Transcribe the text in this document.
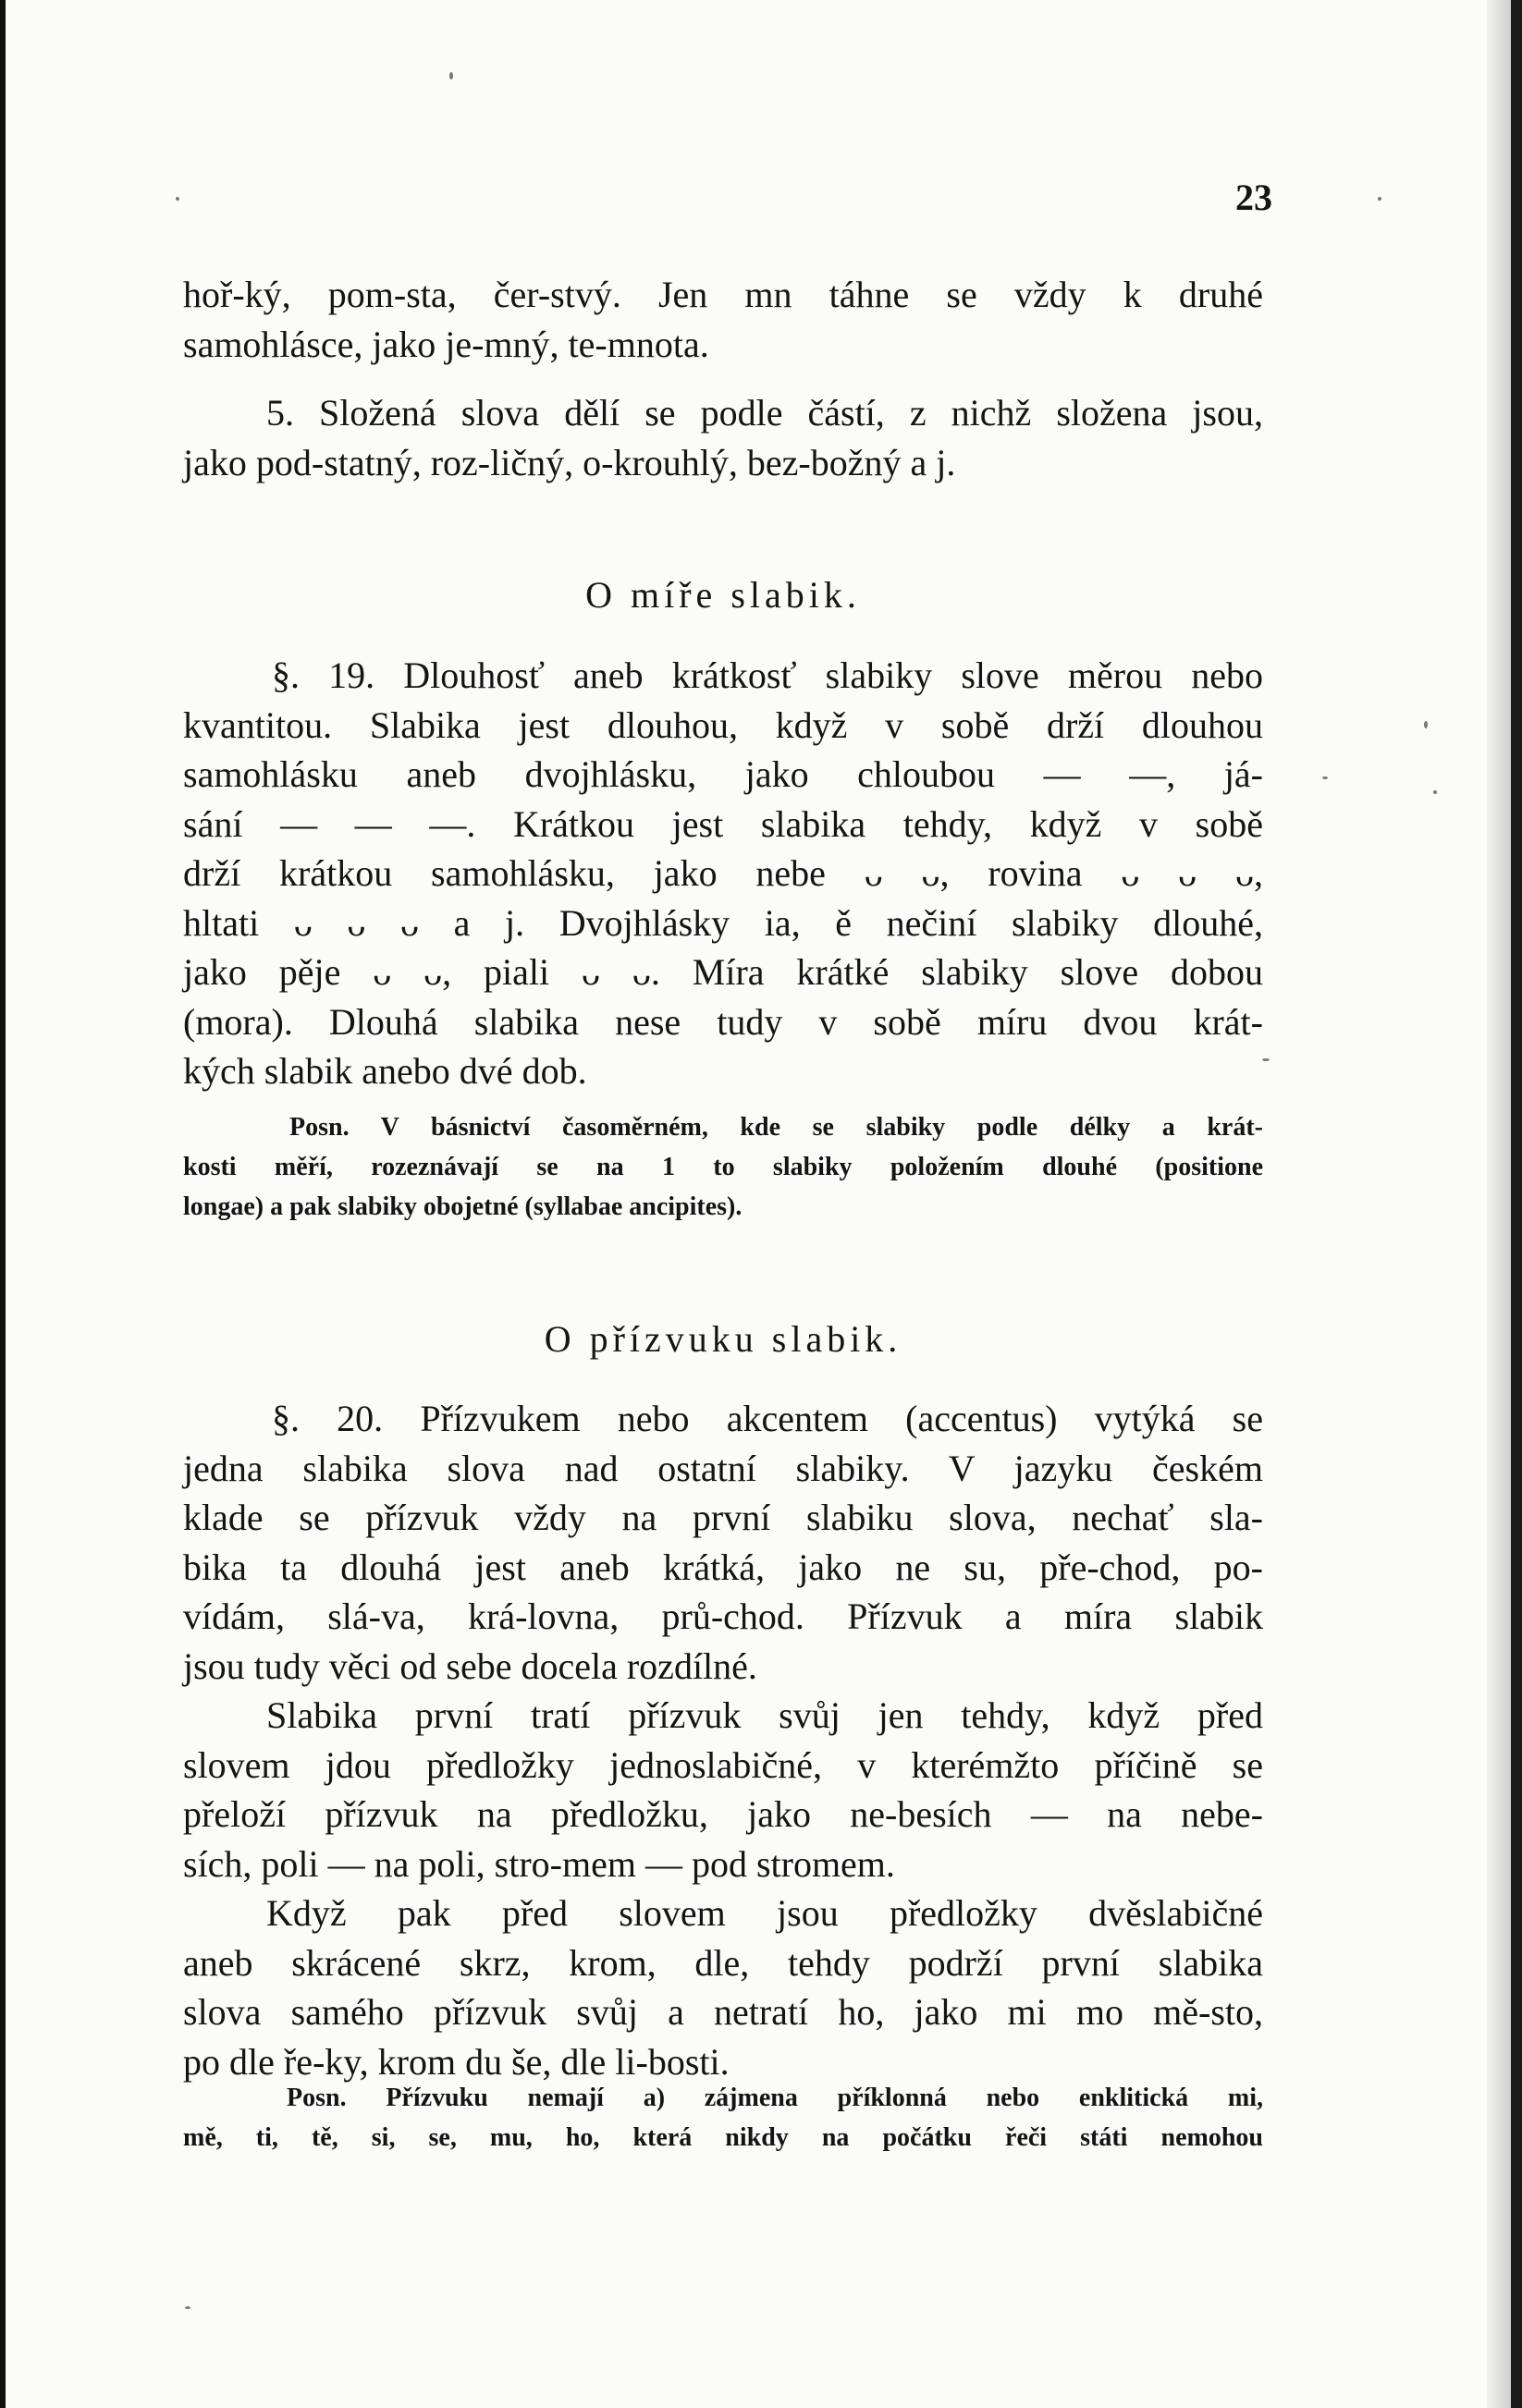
23
hoř-ký, pom-sta, čer-stvý. Jen mn táhne se vždy k druhé
samohlásce, jako je-mný, te-mnota.
5. Složená slova dělí se podle částí, z nichž složena jsou,
jako pod-statný, roz-ličný, o-krouhlý, bez-božný a j.
O míře slabik.
§. 19. Dlouhosť aneb krátkosť slabiky slove měrou nebo
kvantitou. Slabika jest dlouhou, když v sobě drží dlouhou
samohlásku aneb dvojhlásku, jako chloubou — —, já-
sání — — —. Krátkou jest slabika tehdy, když v sobě
drží krátkou samohlásku, jako nebe ᴗ ᴗ, rovina ᴗ ᴗ ᴗ,
hltati ᴗ ᴗ ᴗ a j. Dvojhlásky ia, ě nečiní slabiky dlouhé,
jako pěje ᴗ ᴗ, piali ᴗ ᴗ. Míra krátké slabiky slove dobou
(mora). Dlouhá slabika nese tudy v sobě míru dvou krát-
kých slabik anebo dvé dob.
Posn. V básnictví časoměrném, kde se slabiky podle délky a krát-
kosti měří, rozeznávají se na 1 to slabiky položením dlouhé (positione
longae) a pak slabiky obojetné (syllabae ancipites).
O přízvuku slabik.
§. 20. Přízvukem nebo akcentem (accentus) vytýká se
jedna slabika slova nad ostatní slabiky. V jazyku českém
klade se přízvuk vždy na první slabiku slova, nechať sla-
bika ta dlouhá jest aneb krátká, jako ne su, pře-chod, po-
vídám, slá-va, krá-lovna, prů-chod. Přízvuk a míra slabik
jsou tudy věci od sebe docela rozdílné.
Slabika první tratí přízvuk svůj jen tehdy, když před
slovem jdou předložky jednoslabičné, v kterémžto příčině se
přeloží přízvuk na předložku, jako ne-besích — na nebe-
sích, poli — na poli, stro-mem — pod stromem.
Když pak před slovem jsou předložky dvěslabičné
aneb skrácené skrz, krom, dle, tehdy podrží první slabika
slova samého přízvuk svůj a netratí ho, jako mi mo mě-sto,
po dle ře-ky, krom du še, dle li-bosti.
Posn. Přízvuku nemají a) zájmena příklonná nebo enklitická mi,
mě, ti, tě, si, se, mu, ho, která nikdy na počátku řeči státi nemohou
